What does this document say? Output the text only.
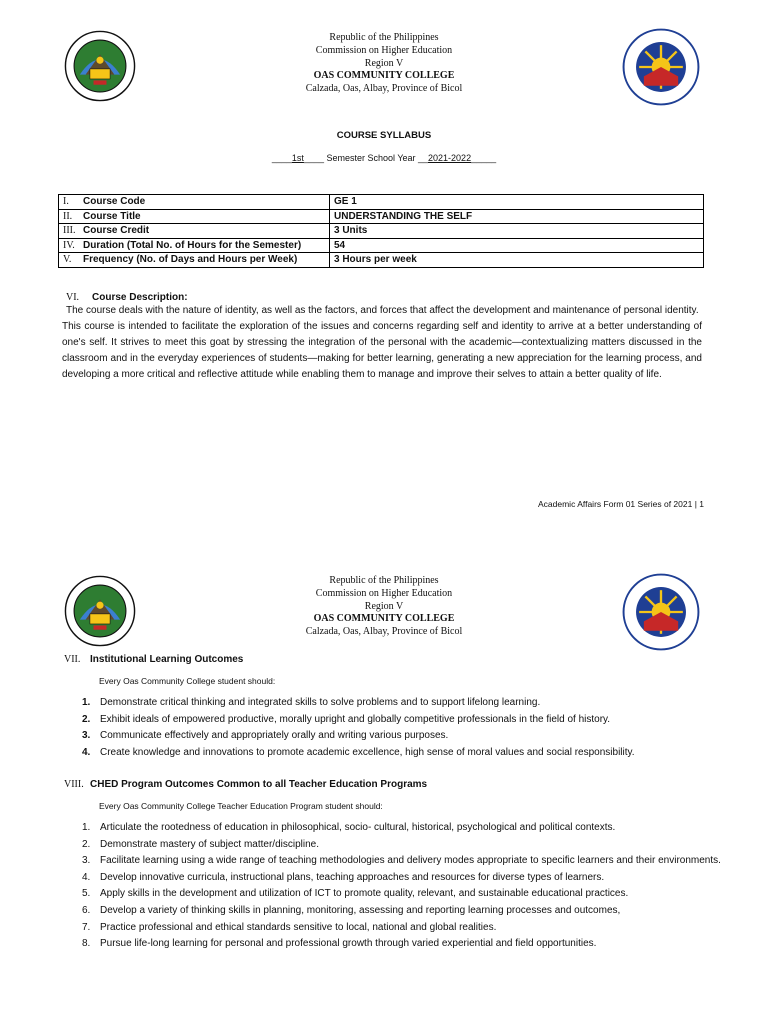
Republic of the Philippines
Commission on Higher Education
Region V
OAS COMMUNITY COLLEGE
Calzada, Oas, Albay, Province of Bicol
COURSE SYLLABUS
____1st____ Semester School Year __2021-2022_____
I. Course Code	GE 1
II. Course Title	UNDERSTANDING THE SELF
III. Course Credit	3 Units
IV. Duration (Total No. of Hours for the Semester)	54
V. Frequency (No. of Days and Hours per Week)	3 Hours per week
VI. Course Description:

The course deals with the nature of identity, as well as the factors, and forces that affect the development and maintenance of personal identity.

This course is intended to facilitate the exploration of the issues and concerns regarding self and identity to arrive at a better understanding of one's self. It strives to meet this goat by stressing the integration of the personal with the academic—contextualizing matters discussed in the classroom and in the everyday experiences of students—making for better learning, generating a new appreciation for the learning process, and developing a more critical and reflective attitude while enabling them to manage and improve their selves to attain a better quality of life.

Academic Affairs Form 01 Series of 2021 | 1
Republic of the Philippines
Commission on Higher Education
Region V
OAS COMMUNITY COLLEGE
Calzada, Oas, Albay, Province of Bicol
VII. Institutional Learning Outcomes
Every Oas Community College student should:
1. Demonstrate critical thinking and integrated skills to solve problems and to support lifelong learning.
2. Exhibit ideals of empowered productive, morally upright and globally competitive professionals in the field of history.
3. Communicate effectively and appropriately orally and writing various purposes.
4. Create knowledge and innovations to promote academic excellence, high sense of moral values and social responsibility.
VIII. CHED Program Outcomes Common to all Teacher Education Programs
Every Oas Community College Teacher Education Program student should:
1. Articulate the rootedness of education in philosophical, socio- cultural, historical, psychological and political contexts.
2. Demonstrate mastery of subject matter/discipline.
3. Facilitate learning using a wide range of teaching methodologies and delivery modes appropriate to specific learners and their environments.
4. Develop innovative curricula, instructional plans, teaching approaches and resources for diverse types of learners.
5. Apply skills in the development and utilization of ICT to promote quality, relevant, and sustainable educational practices.
6. Develop a variety of thinking skills in planning, monitoring, assessing and reporting learning processes and outcomes,
7. Practice professional and ethical standards sensitive to local, national and global realities.
8. Pursue life-long learning for personal and professional growth through varied experiential and field opportunities.
